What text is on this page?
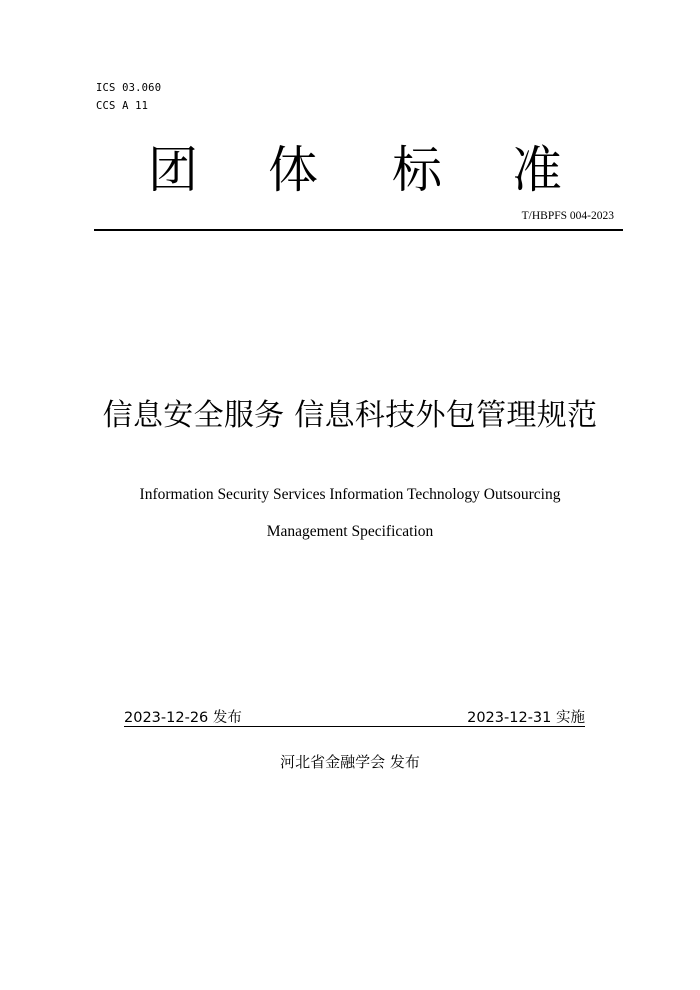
ICS 03.060
CCS A 11
团 体 标 准
T/HBPFS 004-2023
信息安全服务 信息科技外包管理规范
Information Security Services Information Technology Outsourcing
Management Specification
2023-12-26 发布	2023-12-31 实施
河北省金融学会 发布
